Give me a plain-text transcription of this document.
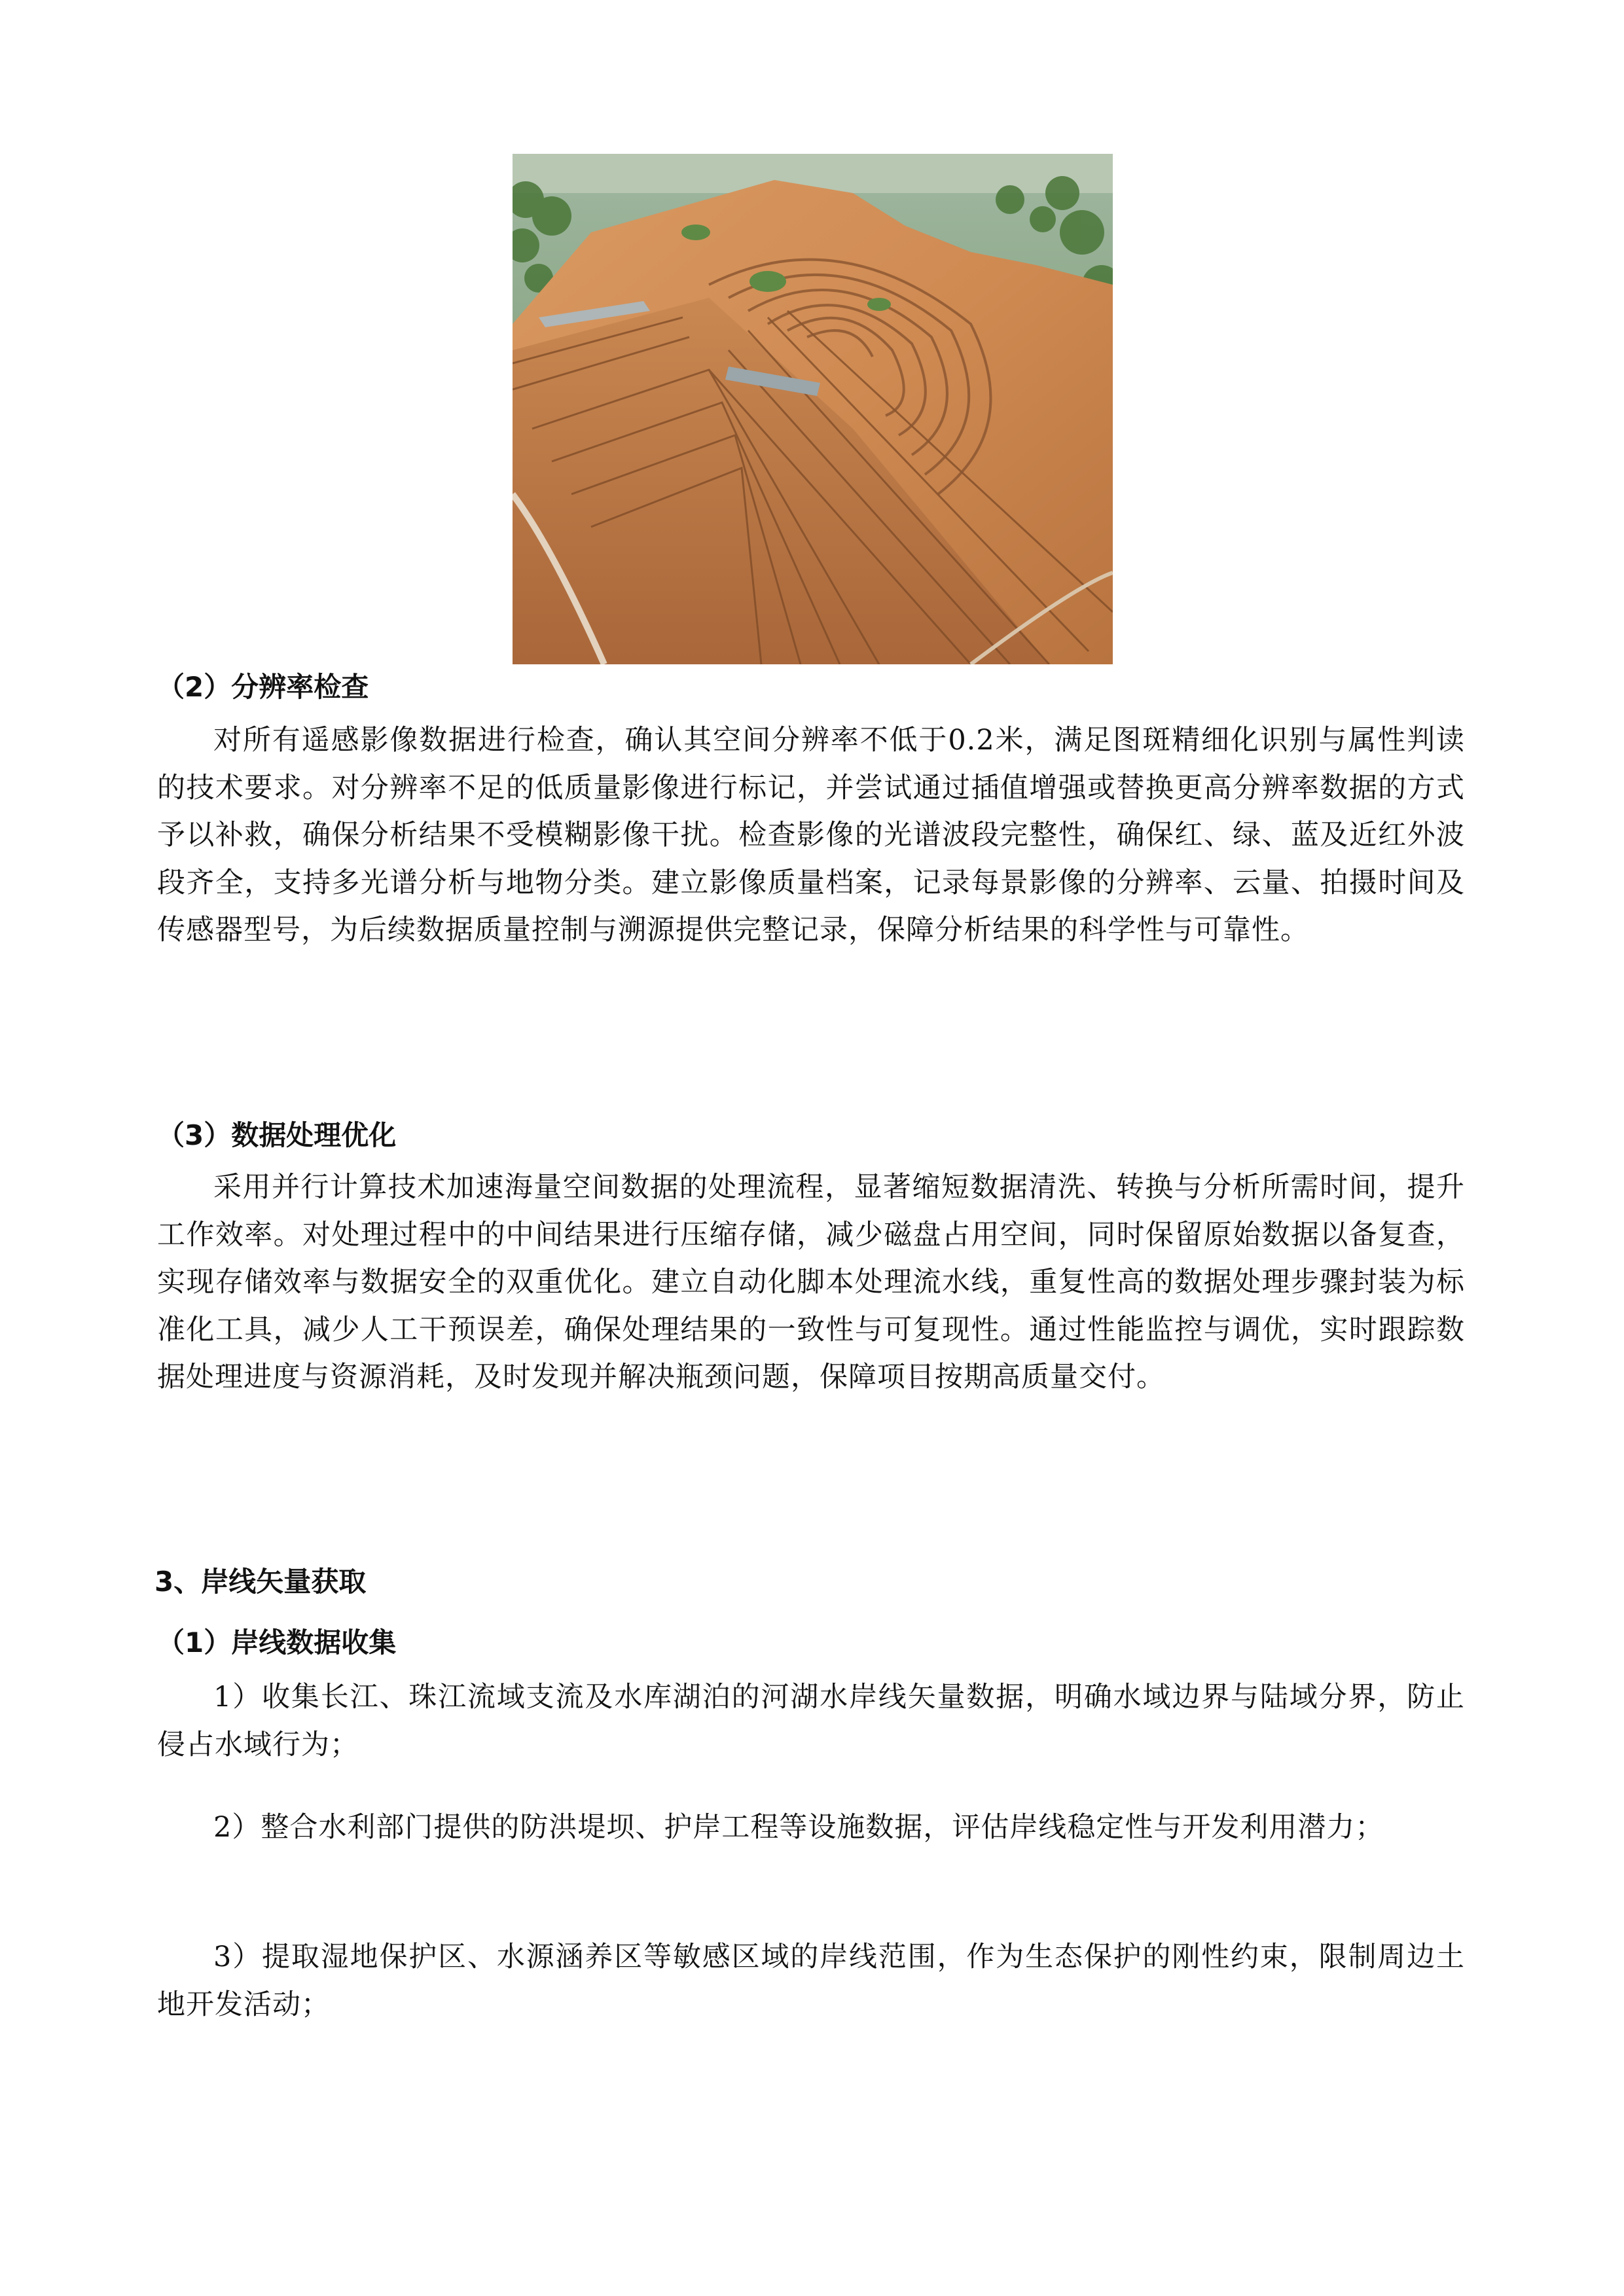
（2）分辨率检查

对所有遥感影像数据进行检查，确认其空间分辨率不低于0.2米，满足图斑精细化识别与属性判读的技术要求。对分辨率不足的低质量影像进行标记，并尝试通过插值增强或替换更高分辨率数据的方式予以补救，确保分析结果不受模糊影像干扰。检查影像的光谱波段完整性，确保红、绿、蓝及近红外波段齐全，支持多光谱分析与地物分类。建立影像质量档案，记录每景影像的分辨率、云量、拍摄时间及传感器型号，为后续数据质量控制与溯源提供完整记录，保障分析结果的科学性与可靠性。

（3）数据处理优化

采用并行计算技术加速海量空间数据的处理流程，显著缩短数据清洗、转换与分析所需时间，提升工作效率。对处理过程中的中间结果进行压缩存储，减少磁盘占用空间，同时保留原始数据以备复查，实现存储效率与数据安全的双重优化。建立自动化脚本处理流水线，重复性高的数据处理步骤封装为标准化工具，减少人工干预误差，确保处理结果的一致性与可复现性。通过性能监控与调优，实时跟踪数据处理进度与资源消耗，及时发现并解决瓶颈问题，保障项目按期高质量交付。

3、岸线矢量获取
（1）岸线数据收集

1）收集长江、珠江流域支流及水库湖泊的河湖水岸线矢量数据，明确水域边界与陆域分界，防止侵占水域行为；

2）整合水利部门提供的防洪堤坝、护岸工程等设施数据，评估岸线稳定性与开发利用潜力；

3）提取湿地保护区、水源涵养区等敏感区域的岸线范围，作为生态保护的刚性约束，限制周边土地开发活动；
